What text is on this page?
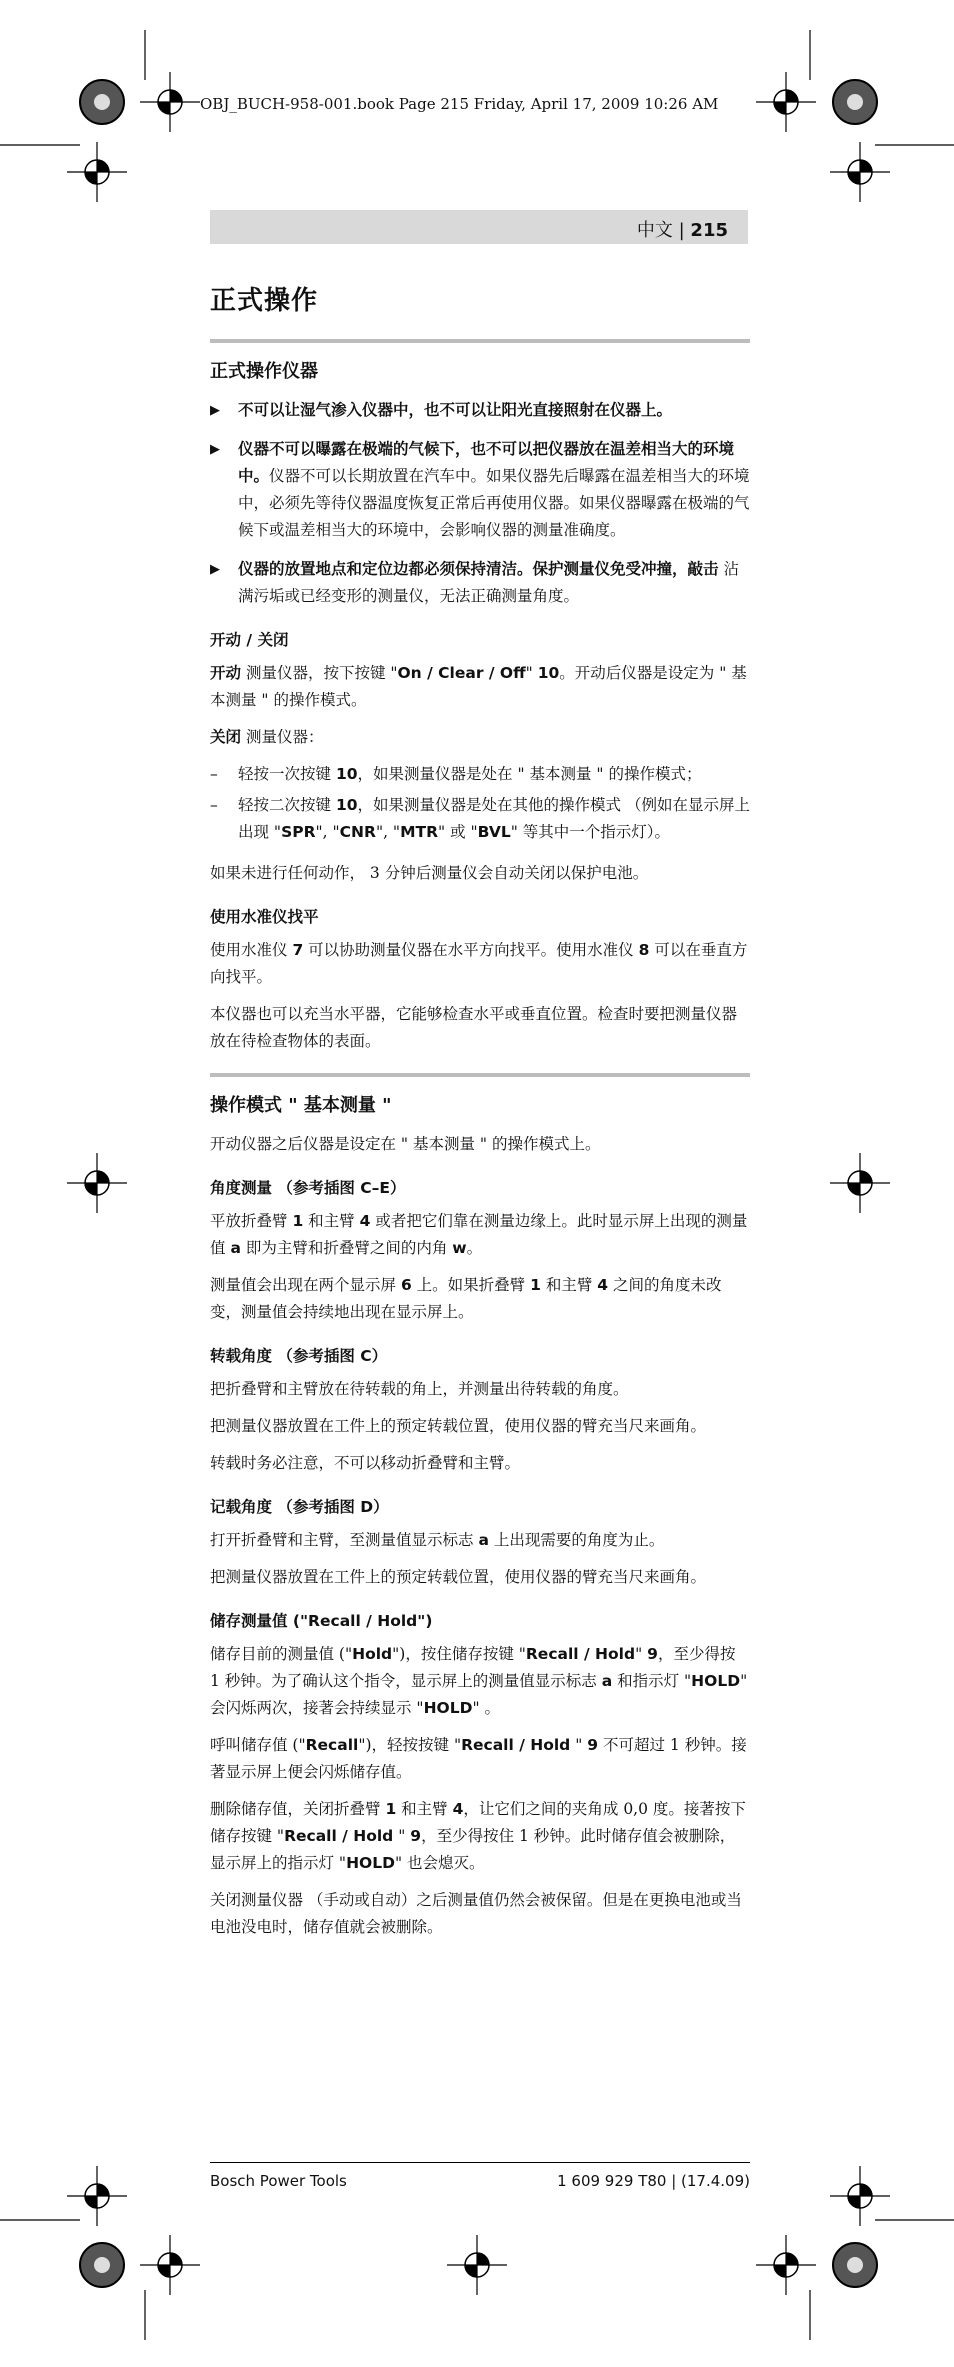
OBJ_BUCH-958-001.book Page 215 Friday, April 17, 2009 10:26 AM
中文 | 215
正式操作
正式操作仪器
▶ 不可以让湿气渗入仪器中，也不可以让阳光直接照射在仪器上。
▶ 仪器不可以曝露在极端的气候下，也不可以把仪器放在温差相当大的环境中。仪器不可以长期放置在汽车中。如果仪器先后曝露在温差相当大的环境中，必须先等待仪器温度恢复正常后再使用仪器。如果仪器曝露在极端的气候下或温差相当大的环境中，会影响仪器的测量准确度。
▶ 仪器的放置地点和定位边都必须保持清洁。保护测量仪免受冲撞，敲击 沾满污垢或已经变形的测量仪，无法正确测量角度。
开动 / 关闭

开动 测量仪器，按下按键 "On / Clear / Off" 10。开动后仪器是设定为 " 基本测量 " 的操作模式。

关闭 测量仪器：

– 轻按一次按键 10，如果测量仪器是处在 " 基本测量 " 的操作模式；
– 轻按二次按键 10，如果测量仪器是处在其他的操作模式 （例如在显示屏上出现 "SPR", "CNR", "MTR" 或 "BVL" 等其中一个指示灯）。

如果未进行任何动作， 3 分钟后测量仪会自动关闭以保护电池。

使用水准仪找平

使用水准仪 7 可以协助测量仪器在水平方向找平。使用水准仪 8 可以在垂直方向找平。

本仪器也可以充当水平器，它能够检查水平或垂直位置。检查时要把测量仪器放在待检查物体的表面。

操作模式 " 基本测量 "

开动仪器之后仪器是设定在 " 基本测量 " 的操作模式上。

角度测量 （参考插图 C–E）

平放折叠臂 1 和主臂 4 或者把它们靠在测量边缘上。此时显示屏上出现的测量值 a 即为主臂和折叠臂之间的内角 w。

测量值会出现在两个显示屏 6 上。如果折叠臂 1 和主臂 4 之间的角度未改变，测量值会持续地出现在显示屏上。

转载角度 （参考插图 C）

把折叠臂和主臂放在待转载的角上，并测量出待转载的角度。

把测量仪器放置在工件上的预定转载位置，使用仪器的臂充当尺来画角。

转载时务必注意，不可以移动折叠臂和主臂。

记载角度 （参考插图 D）

打开折叠臂和主臂，至测量值显示标志 a 上出现需要的角度为止。

把测量仪器放置在工件上的预定转载位置，使用仪器的臂充当尺来画角。

储存测量值 ("Recall / Hold")

储存目前的测量值 ("Hold")，按住储存按键 "Recall / Hold" 9，至少得按 1 秒钟。为了确认这个指令，显示屏上的测量值显示标志 a 和指示灯 "HOLD" 会闪烁两次，接著会持续显示 "HOLD" 。

呼叫储存值 ("Recall")，轻按按键 "Recall / Hold " 9 不可超过 1 秒钟。接著显示屏上便会闪烁储存值。

删除储存值，关闭折叠臂 1 和主臂 4，让它们之间的夹角成 0,0 度。接著按下储存按键 "Recall / Hold " 9，至少得按住 1 秒钟。此时储存值会被删除，显示屏上的指示灯 "HOLD" 也会熄灭。

关闭测量仪器 （手动或自动）之后测量值仍然会被保留。但是在更换电池或当电池没电时，储存值就会被删除。

Bosch Power Tools	1 609 929 T80 | (17.4.09)
